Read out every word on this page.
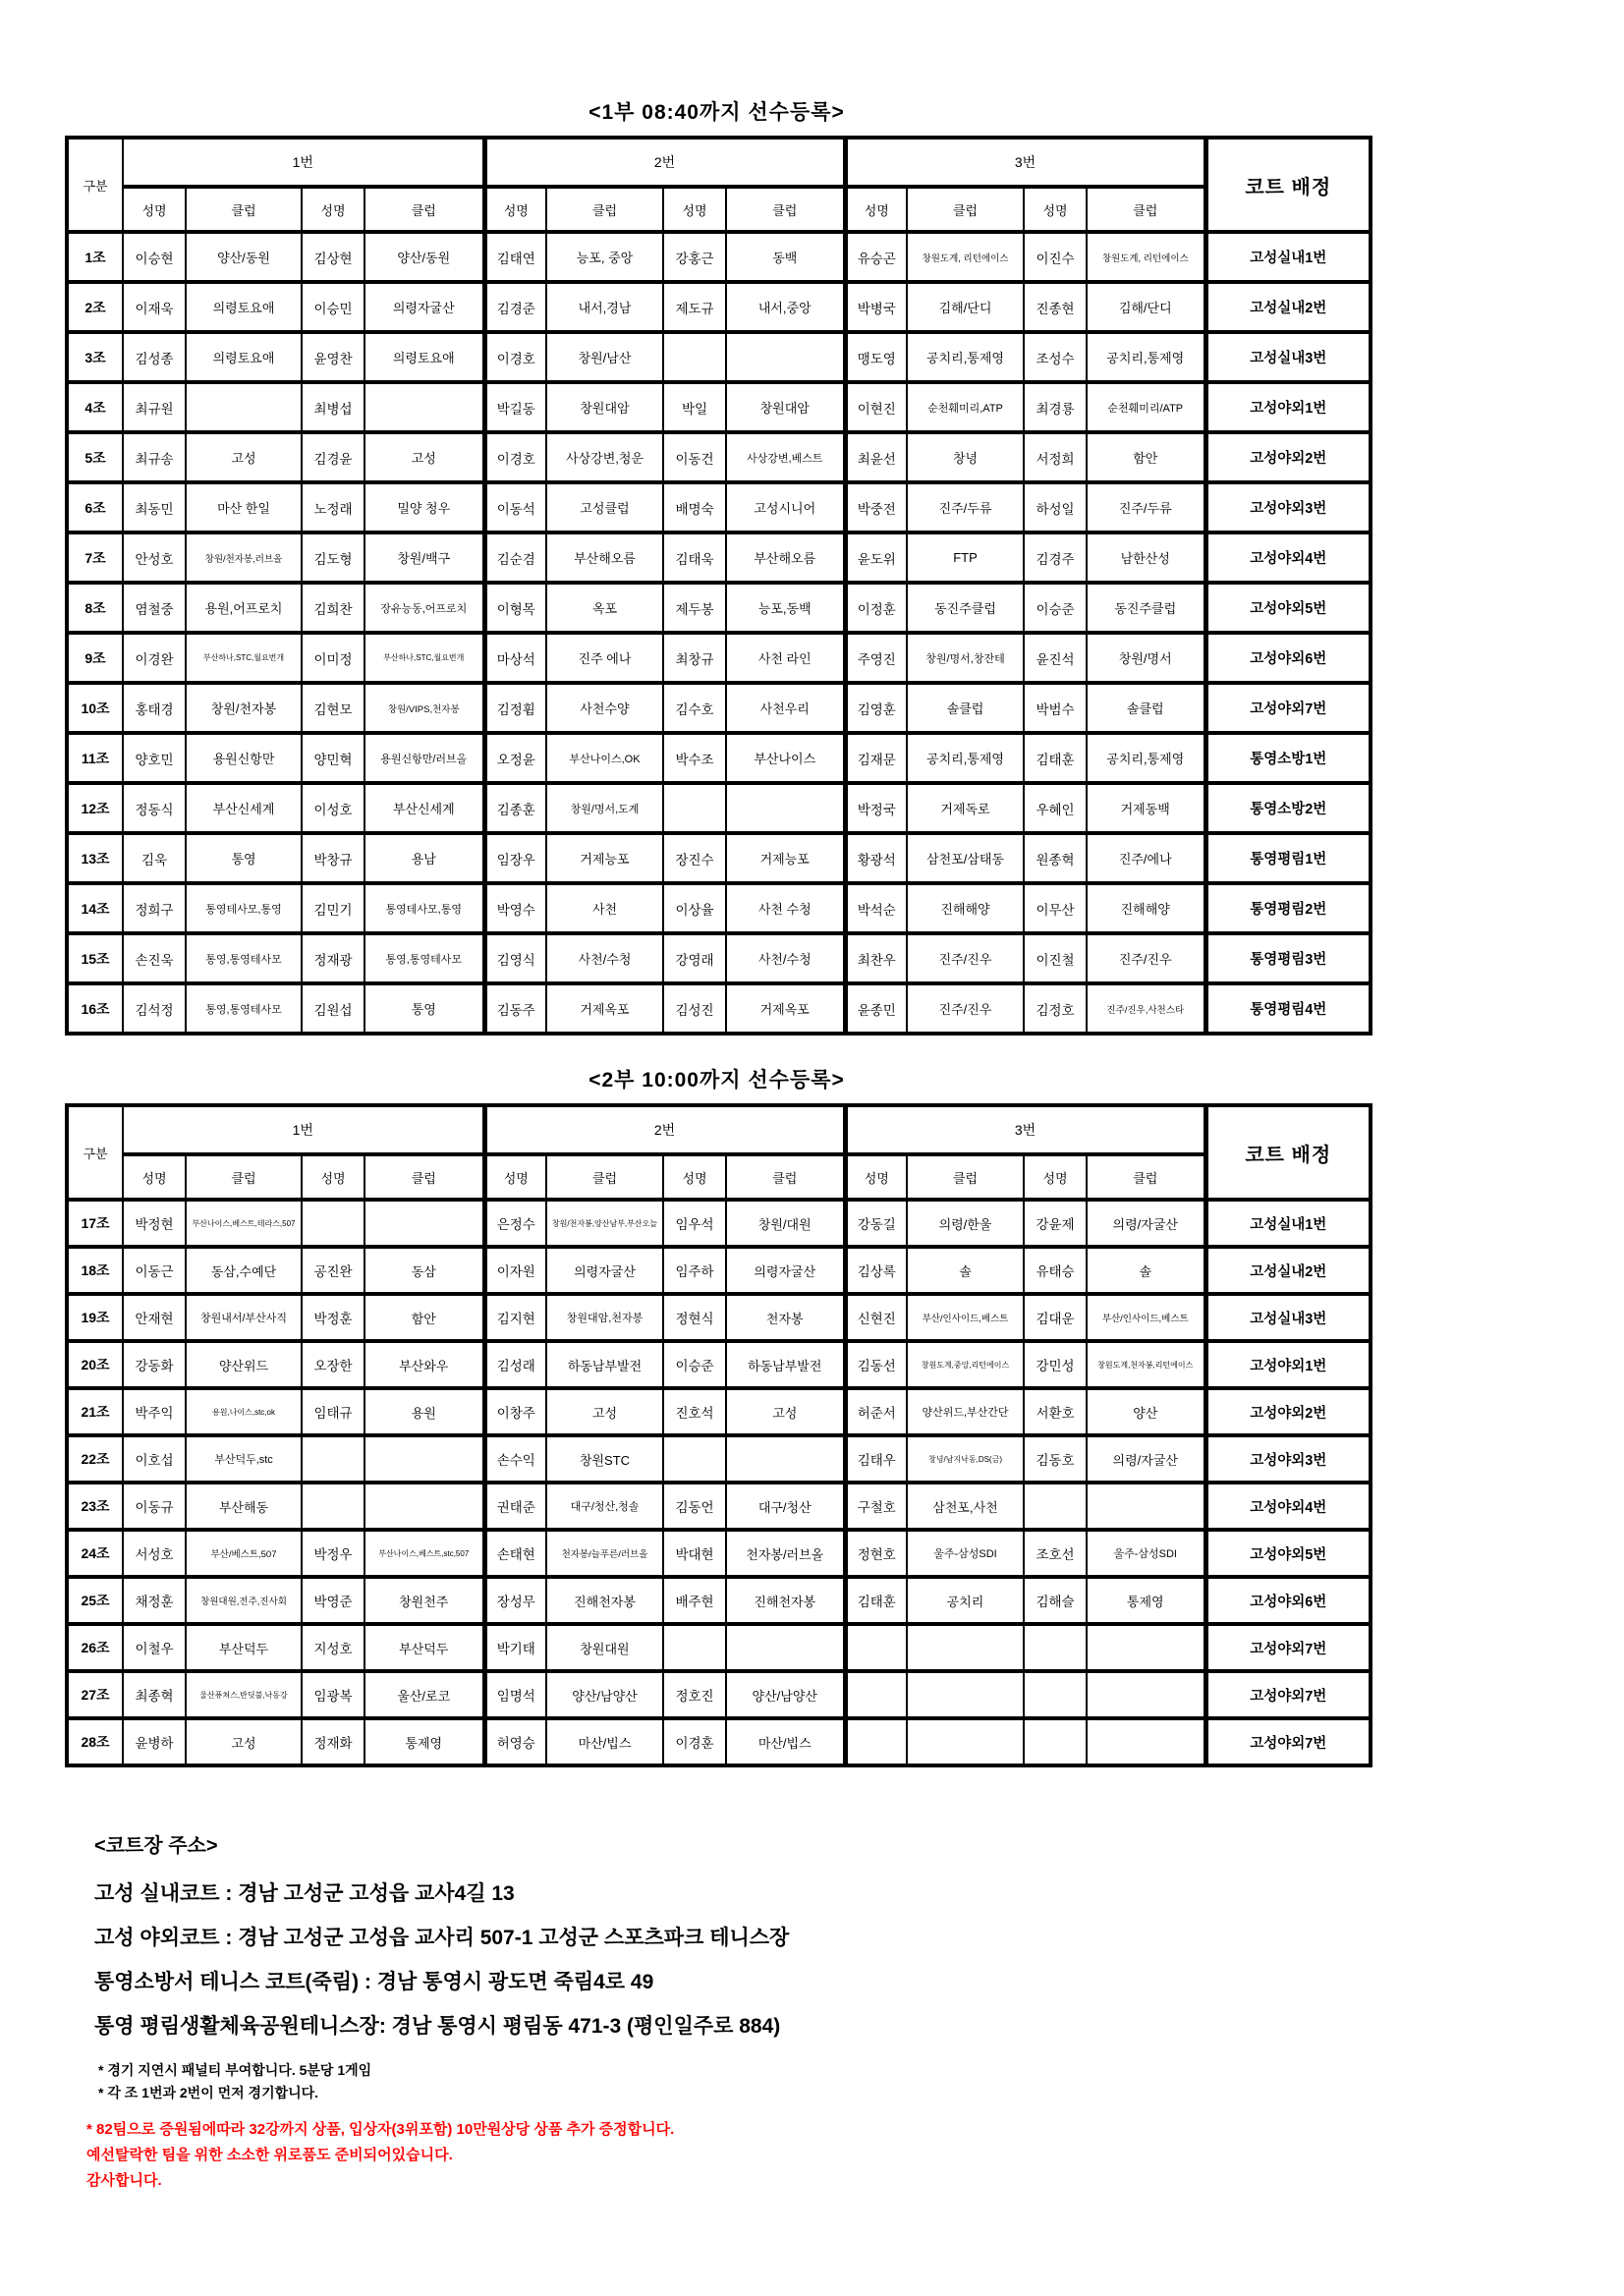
<1부 08:40까지 선수등록>
구분	1번				2번				3번				코트 배정
	성명	클럽	성명	클럽	성명	클럽	성명	클럽	성명	클럽	성명	클럽	
1조	이승현	양산/동원	김상현	양산/동원	김태연	능포, 중앙	강홍근	동백	유승곤	창원도계, 리턴에이스	이진수	창원도계, 리턴에이스	고성실내1번
2조	이재욱	의령토요애	이승민	의령자굴산	김경준	내서,경남	제도규	내서,중앙	박병국	김해/단디	진종현	김해/단디	고성실내2번
3조	김성종	의령토요애	윤영찬	의령토요애	이경호	창원/남산			맹도영	공치리,통제영	조성수	공치리,통제영	고성실내3번
4조	최규원		최병섭		박길동	창원대암	박일	창원대암	이현진	순천훼미리,ATP	최경룡	순천훼미리/ATP	고성야외1번
5조	최규송	고성	김경윤	고성	이경호	사상강변,청운	이동건	사상강변,베스트	최윤선	창녕	서정희	함안	고성야외2번
6조	최동민	마산 한일	노정래	밀양 청우	이동석	고성클럽	배명숙	고성시니어	박중전	진주/두류	하성일	진주/두류	고성야외3번
7조	안성호	창원/천자봉,러브올	김도형	창원/백구	김순겸	부산해오름	김태욱	부산해오름	윤도위	FTP	김경주	남한산성	고성야외4번
8조	염철중	용원,어프로치	김희찬	장유능동,어프로치	이형목	옥포	제두봉	능포,동백	이정훈	동진주클럽	이승준	동진주클럽	고성야외5번
9조	이경완	부산하나,STC,월요번개	이미정	부산하나,STC,월요번개	마상석	진주 에나	최창규	사천 라인	주영진	창원/명서,창잔테	윤진석	창원/명서	고성야외6번
10조	홍태경	창원/천자봉	김현모	창원/VIPS,천자봉	김정휨	사천수양	김수호	사천우리	김영훈	솔클럽	박범수	솔클럽	고성야외7번
11조	양호민	용원신항만	양민혁	용원신항만/러브올	오정윤	부산나이스,OK	박수조	부산나이스	김재문	공치리,통제영	김태훈	공치리,통제영	통영소방1번
12조	정동식	부산신세계	이성호	부산신세계	김종훈	창원/명서,도계			박정국	거제독로	우혜인	거제동백	통영소방2번
13조	김욱	통영	박창규	용남	임장우	거제능포	장진수	거제능포	황광석	삼천포/삼태동	원종혁	진주/에나	통영평림1번
14조	정희구	통영테사모,통영	김민기	통영테사모,통영	박영수	사천	이상율	사천 수청	박석순	진해해양	이무산	진해해양	통영평림2번
15조	손진욱	통영,통영테사모	정재광	통영,통영테사모	김영식	사천/수청	강영래	사천/수청	최찬우	진주/진우	이진철	진주/진우	통영평림3번
16조	김석정	통영,통영테사모	김원섭	통영	김동주	거제옥포	김성진	거제옥포	윤종민	진주/진우	김정호	진주/진우,사천스타	통영평림4번
<2부 10:00까지 선수등록>
구분	1번				2번				3번				코트 배정
	성명	클럽	성명	클럽	성명	클럽	성명	클럽	성명	클럽	성명	클럽	
17조	박정현	부산나이스,베스트,테라스,507			은정수	창원/천자봉,양산남부,부산오늘	임우석	창원/대원	강동길	의령/한울	강윤제	의령/자굴산	고성실내1번
18조	이동근	동삼,수예단	공진완	동삼	이자원	의령자굴산	임주하	의령자굴산	김상록	솔	유태승	솔	고성실내2번
19조	안재현	창원내서/부산사직	박정훈	함안	김지현	창원대암,천자봉	정현식	천자봉	신현진	부산/인사이드,베스트	김대운	부산/인사이드,베스트	고성실내3번
20조	강동화	양산위드	오장한	부산와우	김성래	하동남부발전	이승준	하동남부발전	김동선	창원도계,중앙,리턴에이스	강민성	창원도계,천자봉,리턴에이스	고성야외1번
21조	박주익	용원,나이스,stc,ok	임태규	용원	이창주	고성	진호석	고성	허준서	양산위드,부산간단	서환호	양산	고성야외2번
22조	이호섭	부산덕두,stc			손수익	창원STC			김태우	창녕/남지낙동,DS(금)	김동호	의령/자굴산	고성야외3번
23조	이동규	부산해동			권태준	대구/청산,청솔	김동언	대구/청산	구철호	삼천포,사천			고성야외4번
24조	서성호	부산/베스트,507	박정우	부산나이스,베스트,stc,507	손태현	천자봉/늘푸른/러브올	박대현	천자봉/러브올	정현호	울주-삼성SDI	조호선	울주-삼성SDI	고성야외5번
25조	채정훈	창원대원,전주,진사회	박영준	창원천주	장성무	진해천자봉	배주현	진해천자봉	김태훈	공치리	김해슬	통제영	고성야외6번
26조	이철우	부산덕두	지성호	부산덕두	박기태	창원대원							고성야외7번
27조	최종혁	울산퓨쳐스,반딧불,낙동강	임광복	울산/로코	임명석	양산/남양산	정호진	양산/남양산					고성야외7번
28조	윤병하	고성	정재화	통제영	허영승	마산/빕스	이경훈	마산/빕스					고성야외7번
<코트장 주소>
고성 실내코트 : 경남 고성군 고성읍 교사4길 13
고성 야외코트 : 경남 고성군 고성읍 교사리 507-1 고성군 스포츠파크 테니스장
통영소방서 테니스 코트(죽림) : 경남 통영시 광도면 죽림4로 49
통영 평림생활체육공원테니스장: 경남 통영시 평림동 471-3 (평인일주로 884)
* 경기 지연시 패널티 부여합니다. 5분당 1게임
* 각 조 1번과 2번이 먼저 경기합니다.
* 82팀으로 증원됨에따라 32강까지 상품, 입상자(3위포함) 10만원상당 상품 추가 증정합니다.
예선탈락한 팀을 위한 소소한 위로품도 준비되어있습니다.
감사합니다.
